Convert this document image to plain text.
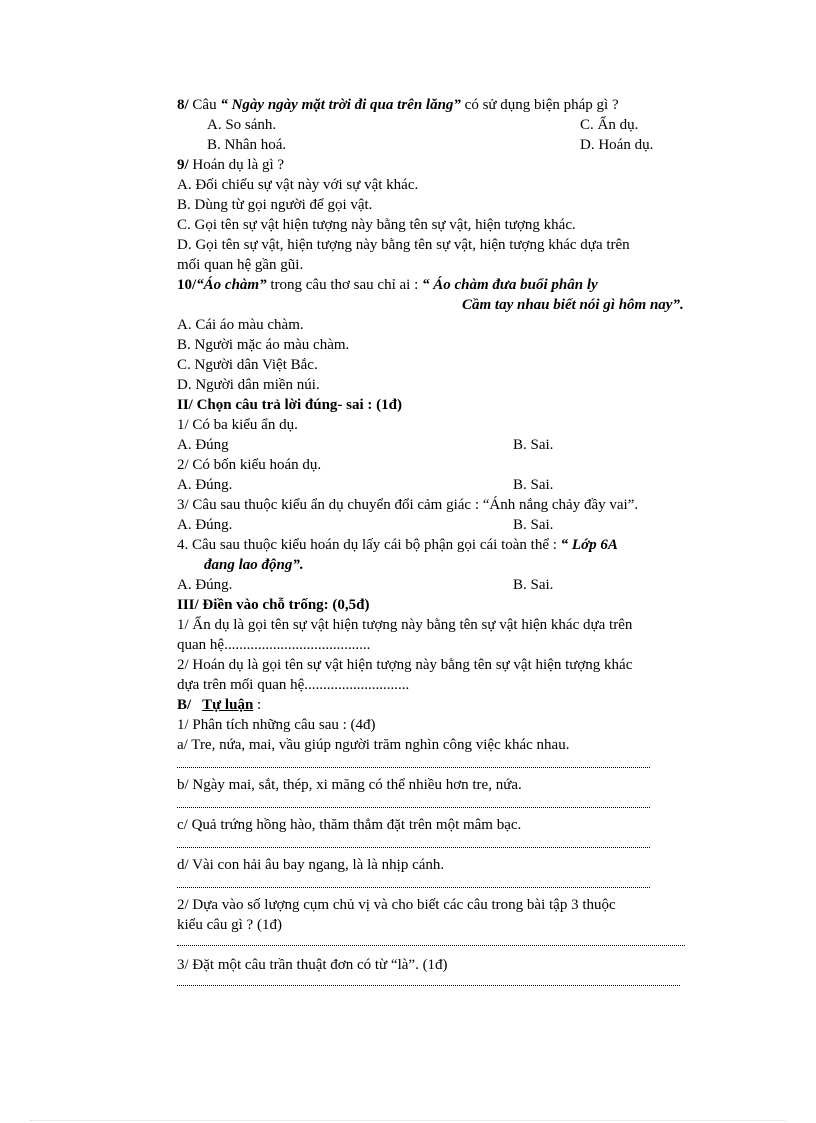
8/ Câu “ Ngày ngày mặt trời đi qua trên lăng” có sử dụng biện pháp gì ?
A. So sánh.	C. Ẩn dụ.
B. Nhân hoá.	D. Hoán dụ.
9/ Hoán dụ là gì ?
A. Đối chiếu sự vật này với sự vật khác.
B. Dùng từ gọi người để gọi vật.
C. Gọi tên sự vật hiện tượng này bằng tên sự vật, hiện tượng khác.
D. Gọi tên sự vật, hiện tượng này bằng tên sự vật, hiện tượng khác dựa trên
mối quan hệ gần gũi.
10/“Áo chàm” trong câu thơ sau chỉ ai : “ Áo chàm đưa buổi phân ly
Cầm tay nhau biết nói gì hôm nay”.
A. Cái áo màu chàm.
B. Người mặc áo màu chàm.
C. Người dân Việt Bắc.
D. Người dân miền núi.
II/ Chọn câu trả lời đúng- sai : (1đ)
1/ Có ba kiểu ẩn dụ.
A. Đúng	B. Sai.
2/ Có bốn kiểu hoán dụ.
A. Đúng.	B. Sai.
3/ Câu sau thuộc kiểu ẩn dụ chuyển đổi cảm giác : “Ánh nắng chảy đầy vai”.
A. Đúng.	B. Sai.
4. Câu sau thuộc kiểu hoán dụ lấy cái bộ phận gọi cái toàn thể : “ Lớp 6A
đang lao động”.
A. Đúng.	B. Sai.
III/ Điền vào chỗ trống: (0,5đ)
1/ Ẩn dụ là gọi tên sự vật hiện tượng này bằng tên sự vật hiện khác dựa trên
quan hệ.......................................
2/ Hoán dụ là gọi tên sự vật hiện tượng này bằng tên sự vật hiện tượng khác
dựa trên mối quan hệ............................
B/ Tự luận :
1/ Phân tích những câu sau : (4đ)
a/ Tre, nứa, mai, vầu giúp người trăm nghìn công việc khác nhau.
b/ Ngày mai, sắt, thép, xi măng có thể nhiều hơn tre, nứa.
c/ Quả trứng hồng hào, thăm thẳm đặt trên một mâm bạc.
d/ Vài con hải âu bay ngang, là là nhịp cánh.
2/ Dựa vào số lượng cụm chủ vị và cho biết các câu trong bài tập 3 thuộc
kiểu câu gì ? (1đ)
3/ Đặt một câu trần thuật đơn có từ “là”. (1đ)
